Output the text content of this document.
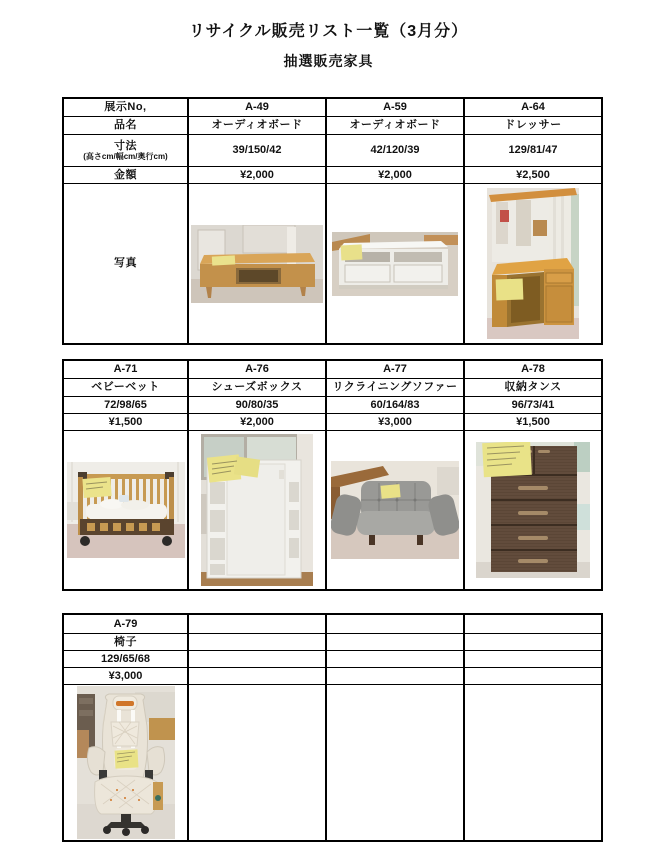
リサイクル販売リスト一覧（3月分）
抽選販売家具
展示No,	A-49	A-59	A-64
品名	オーディオボード	オーディオボード	ドレッサー
寸法
(高さcm/幅cm/奥行cm)
39/150/42	42/120/39	129/81/47
金額	¥2,000	¥2,000	¥2,500
写真
A-71	A-76	A-77	A-78
ベビーベット	シューズボックス	リクライニングソファー	収納タンス
72/98/65	90/80/35	60/164/83	96/73/41
¥1,500	¥2,000	¥3,000	¥1,500
A-79
椅子
129/65/68
¥3,000
